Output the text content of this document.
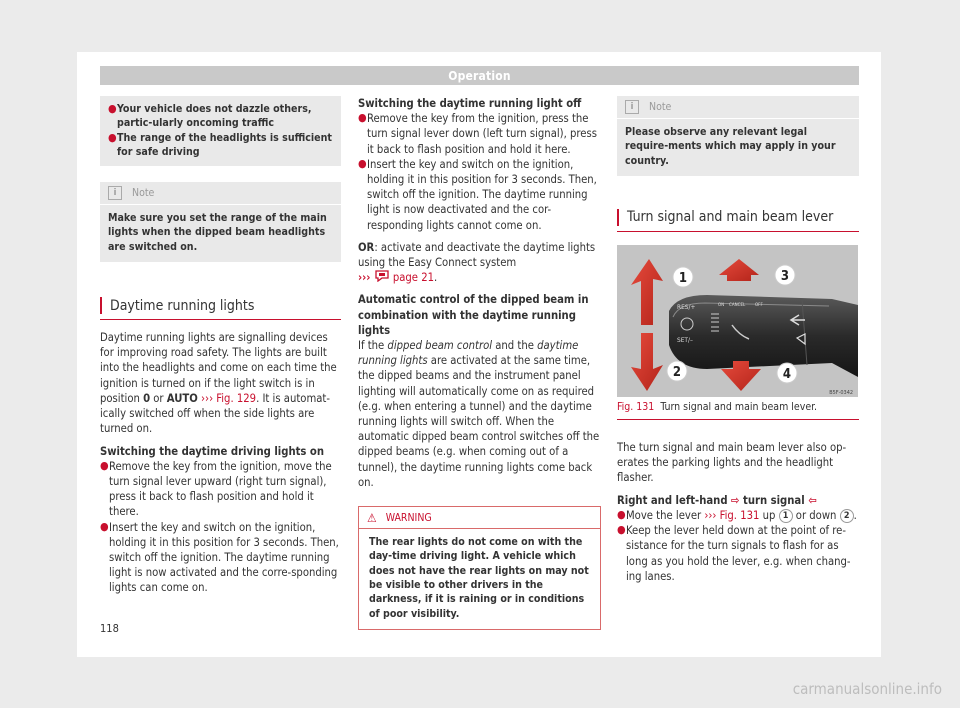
Operation
● Your vehicle does not dazzle others, partic-ularly oncoming traffic

● The range of the headlights is sufficient for safe driving

i	Note
Make sure you set the range of the main lights when the dipped beam headlights are switched on.
Daytime running lights

Daytime running lights are signalling devices for improving road safety. The lights are built into the headlights and come on each time the ignition is turned on if the light switch is in position 0 or AUTO ››› Fig. 129. It is automat-ically switched off when the side lights are turned on.

Switching the daytime driving lights on

● Remove the key from the ignition, move the turn signal lever upward (right turn signal), press it back to flash position and hold it there.

● Insert the key and switch on the ignition, holding it in this position for 3 seconds. Then, switch off the ignition. The daytime running light is now activated and the corre-sponding lights can come on.

Switching the daytime running light off

● Remove the key from the ignition, press the turn signal lever down (left turn signal), press it back to flash position and hold it here.

● Insert the key and switch on the ignition, holding it in this position for 3 seconds. Then, switch off the ignition. The daytime running light is now deactivated and the cor-responding lights cannot come on.

OR: activate and deactivate the daytime lights using the Easy Connect system
››› page 21.

Automatic control of the dipped beam in combination with the daytime running lights

If the dipped beam control and the daytime running lights are activated at the same time, the dipped beams and the instrument panel lighting will automatically come on as required (e.g. when entering a tunnel) and the daytime running lights will switch off. When the automatic dipped beam control switches off the dipped beams (e.g. when coming out of a tunnel), the daytime running lights come back on.

⚠ WARNING
The rear lights do not come on with the day-time driving light. A vehicle which does not have the rear lights on may not be visible to other drivers in the darkness, if it is raining or in conditions of poor visibility.
i	Note
Please observe any relevant legal require-ments which may apply in your country.
Turn signal and main beam lever
RES/+
SET/–
ON CANCEL OFF
1	3
2	4
B5F-0342
Fig. 131 Turn signal and main beam lever.

The turn signal and main beam lever also op-erates the parking lights and the headlight flasher.

Right and left-hand ⇨ turn signal ⇦

● Move the lever ››› Fig. 131 up 1 or down 2 .

● Keep the lever held down at the point of re-sistance for the turn signals to flash for as long as you hold the lever, e.g. when chang-ing lanes.

118
carmanualsonline.info
